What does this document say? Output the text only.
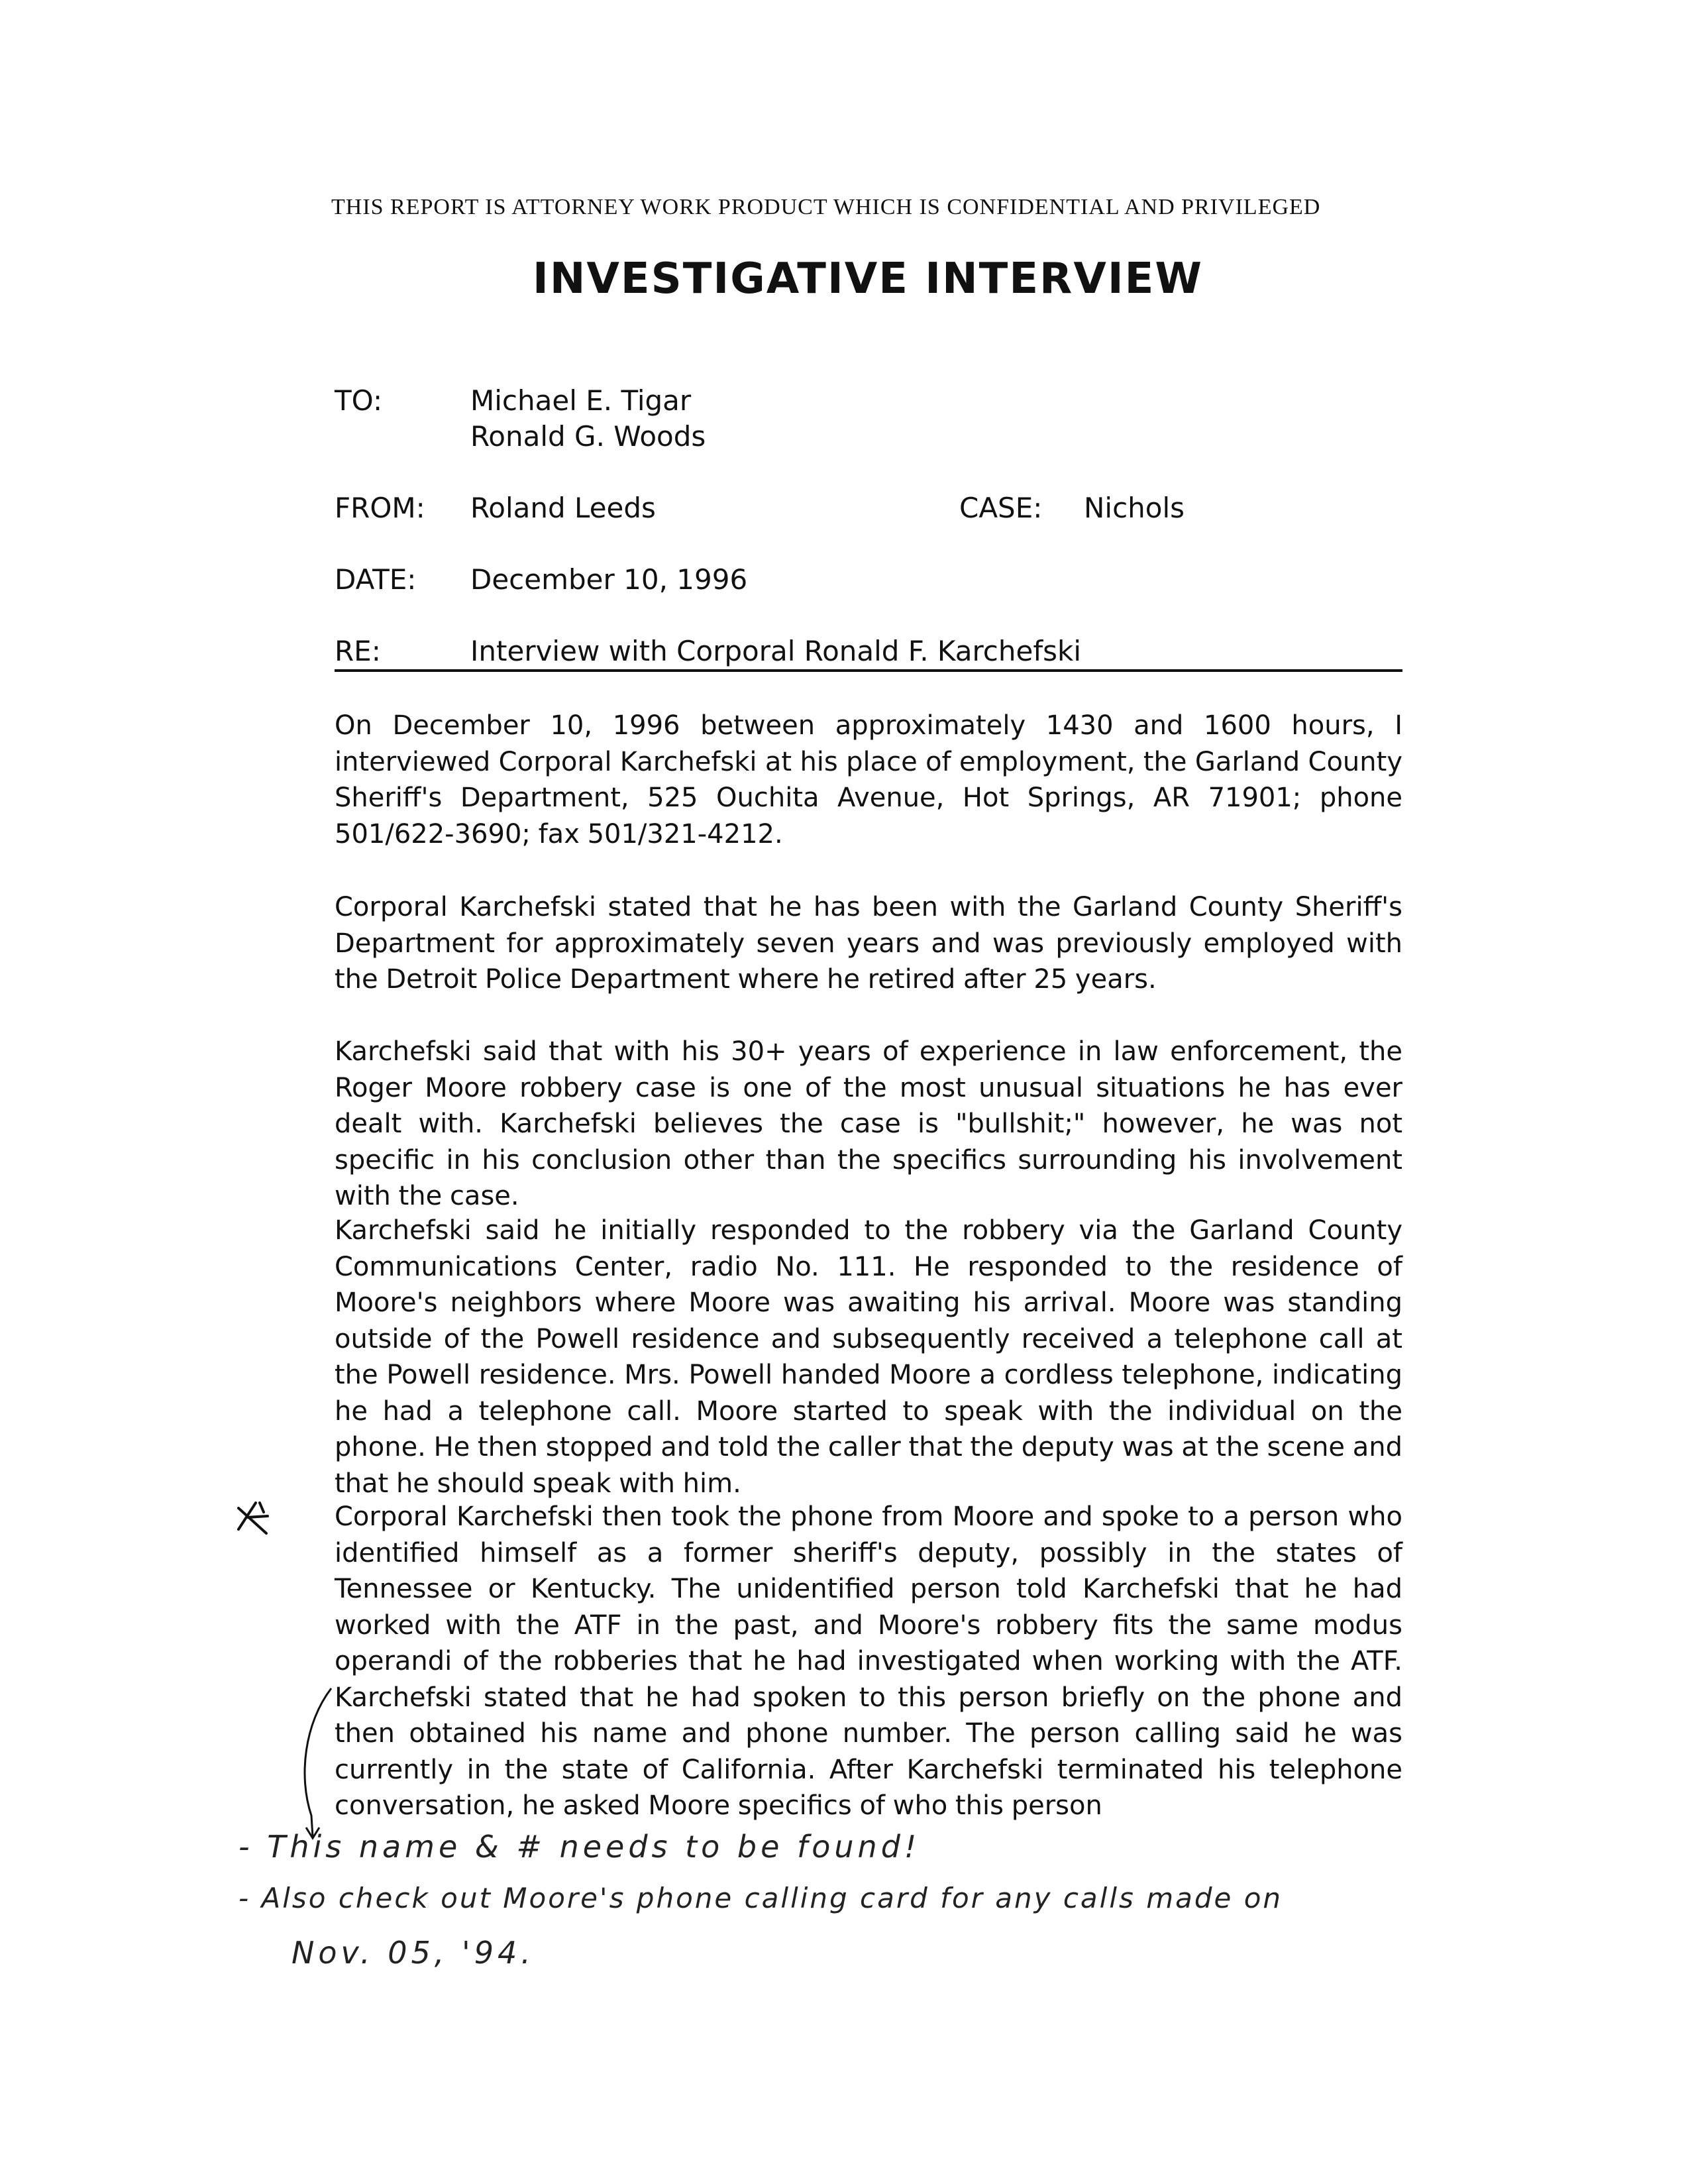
THIS REPORT IS ATTORNEY WORK PRODUCT WHICH IS CONFIDENTIAL AND PRIVILEGED
INVESTIGATIVE INTERVIEW
TO:	Michael E. Tigar
Ronald G. Woods
FROM: Roland Leeds	CASE: Nichols
DATE: December 10, 1996
RE:	Interview with Corporal Ronald F. Karchefski
On December 10, 1996 between approximately 1430 and 1600 hours, I interviewed Corporal Karchefski at his place of employment, the Garland County Sheriff's Department, 525 Ouchita Avenue, Hot Springs, AR 71901; phone 501/622-3690; fax 501/321-4212.
Corporal Karchefski stated that he has been with the Garland County Sheriff's Department for approximately seven years and was previously employed with the Detroit Police Department where he retired after 25 years.
Karchefski said that with his 30+ years of experience in law enforcement, the Roger Moore robbery case is one of the most unusual situations he has ever dealt with. Karchefski believes the case is "bullshit;" however, he was not specific in his conclusion other than the specifics surrounding his involvement with the case.
Karchefski said he initially responded to the robbery via the Garland County Communications Center, radio No. 111. He responded to the residence of Moore's neighbors where Moore was awaiting his arrival. Moore was standing outside of the Powell residence and subsequently received a telephone call at the Powell residence. Mrs. Powell handed Moore a cordless telephone, indicating he had a telephone call. Moore started to speak with the individual on the phone. He then stopped and told the caller that the deputy was at the scene and that he should speak with him.
Corporal Karchefski then took the phone from Moore and spoke to a person who identified himself as a former sheriff's deputy, possibly in the states of Tennessee or Kentucky. The unidentified person told Karchefski that he had worked with the ATF in the past, and Moore's robbery fits the same modus operandi of the robberies that he had investigated when working with the ATF. Karchefski stated that he had spoken to this person briefly on the phone and then obtained his name and phone number. The person calling said he was currently in the state of California. After Karchefski terminated his telephone conversation, he asked Moore specifics of who this person
- This name & # needs to be found!
- Also check out Moore's phone calling card for any calls made on
Nov. 05, '94.
